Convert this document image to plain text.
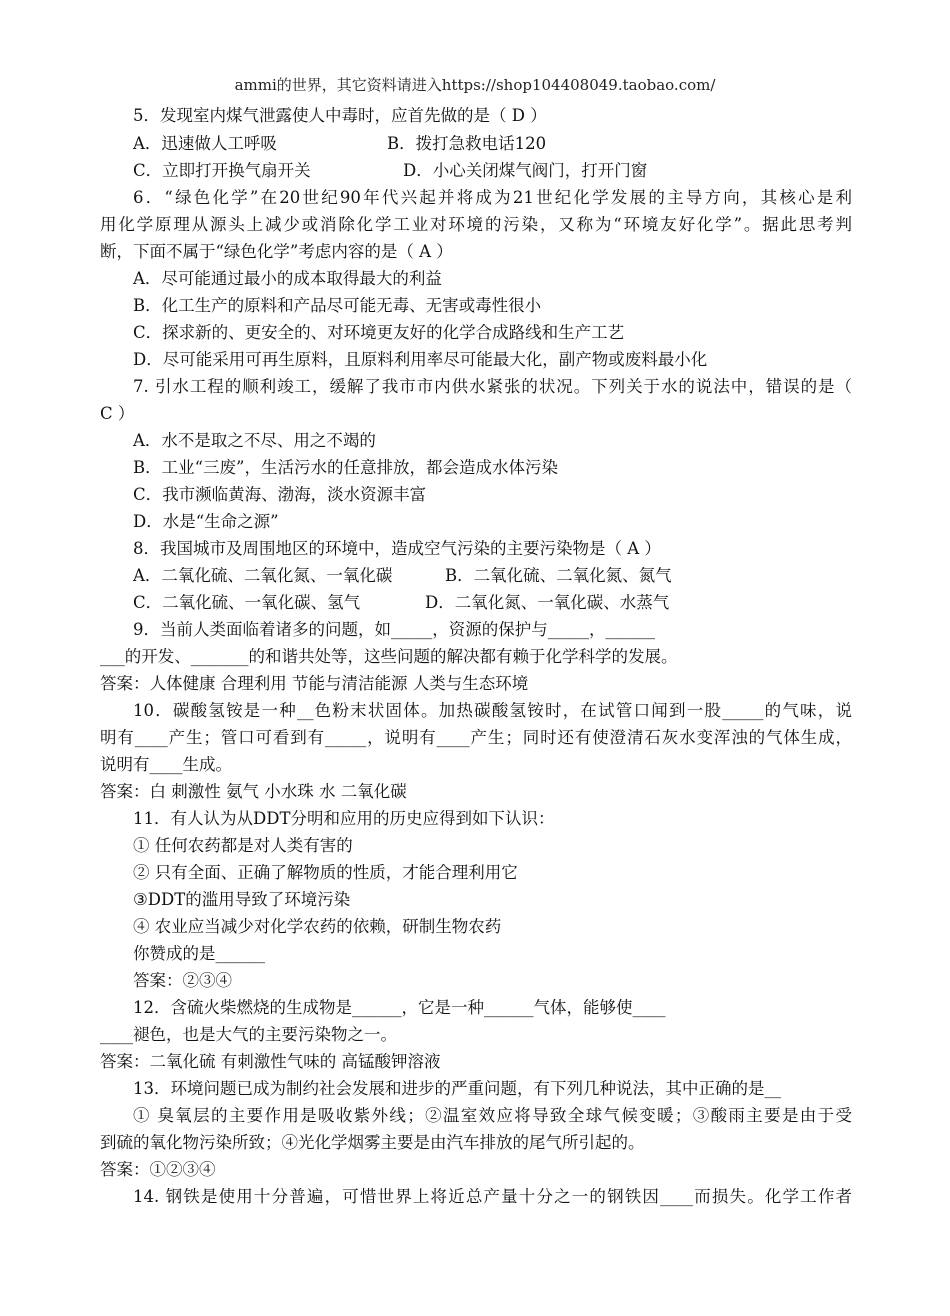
ammi的世界，其它资料请进入https://shop104408049.taobao.com/
5．发现室内煤气泄露使人中毒时，应首先做的是（ D ）
A．迅速做人工呼吸	B．拨打急救电话120
C．立即打开换气扇开关	D．小心关闭煤气阀门，打开门窗
6．“绿色化学”在20世纪90年代兴起并将成为21世纪化学发展的主导方向，其核心是利
用化学原理从源头上减少或消除化学工业对环境的污染，又称为“环境友好化学”。据此思考判
断，下面不属于“绿色化学”考虑内容的是（ A ）
A．尽可能通过最小的成本取得最大的利益
B．化工生产的原料和产品尽可能无毒、无害或毒性很小
C．探求新的、更安全的、对环境更友好的化学合成路线和生产工艺
D．尽可能采用可再生原料，且原料利用率尽可能最大化，副产物或废料最小化
7. 引水工程的顺利竣工，缓解了我市市内供水紧张的状况。下列关于水的说法中，错误的是（
C ）
A．水不是取之不尽、用之不竭的
B．工业“三废”，生活污水的任意排放，都会造成水体污染
C．我市濒临黄海、渤海，淡水资源丰富
D．水是“生命之源”
8．我国城市及周围地区的环境中，造成空气污染的主要污染物是（ A ）
A．二氧化硫、二氧化氮、一氧化碳	B．二氧化硫、二氧化氮、氮气
C．二氧化硫、一氧化碳、氢气	D．二氧化氮、一氧化碳、水蒸气
9．当前人类面临着诸多的问题，如_____，资源的保护与_____，______
___的开发、_______的和谐共处等，这些问题的解决都有赖于化学科学的发展。
答案：人体健康 合理利用 节能与清洁能源 人类与生态环境
10．碳酸氢铵是一种__色粉末状固体。加热碳酸氢铵时，在试管口闻到一股_____的气味，说
明有____产生；管口可看到有_____，说明有____产生；同时还有使澄清石灰水变浑浊的气体生成，
说明有____生成。
答案：白 刺激性 氨气 小水珠 水 二氧化碳
11．有人认为从DDT分明和应用的历史应得到如下认识：
① 任何农药都是对人类有害的
② 只有全面、正确了解物质的性质，才能合理利用它
③DDT的滥用导致了环境污染
④ 农业应当减少对化学农药的依赖，研制生物农药
你赞成的是______
答案：②③④
12．含硫火柴燃烧的生成物是______，它是一种______气体，能够使____
____褪色，也是大气的主要污染物之一。
答案：二氧化硫 有刺激性气味的 高锰酸钾溶液
13．环境问题已成为制约社会发展和进步的严重问题，有下列几种说法，其中正确的是__
① 臭氧层的主要作用是吸收紫外线；②温室效应将导致全球气候变暖；③酸雨主要是由于受
到硫的氧化物污染所致；④光化学烟雾主要是由汽车排放的尾气所引起的。
答案：①②③④
14. 钢铁是使用十分普遍，可惜世界上将近总产量十分之一的钢铁因____而损失。化学工作者
